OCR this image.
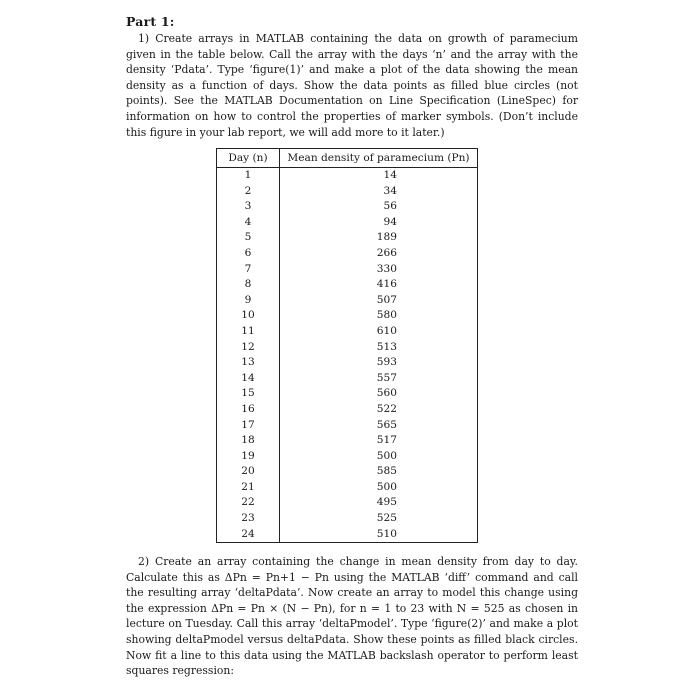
Part 1:
1) Create arrays in MATLAB containing the data on growth of paramecium given in the table below. Call the array with the days ‘n’ and the array with the density ‘Pdata’. Type ‘figure(1)’ and make a plot of the data showing the mean density as a function of days. Show the data points as filled blue circles (not points). See the MATLAB Documentation on Line Specification (LineSpec) for information on how to control the properties of marker symbols. (Don’t include this figure in your lab report, we will add more to it later.)
Day (n)	Mean density of paramecium (Pn)
1	14
2	34
3	56
4	94
5	189
6	266
7	330
8	416
9	507
10	580
11	610
12	513
13	593
14	557
15	560
16	522
17	565
18	517
19	500
20	585
21	500
22	495
23	525
24	510
2) Create an array containing the change in mean density from day to day. Calculate this as ΔPn = Pn+1 − Pn using the MATLAB ‘diff’ command and call the resulting array ‘deltaPdata’. Now create an array to model this change using the expression ΔPn = Pn × (N − Pn), for n = 1 to 23 with N = 525 as chosen in lecture on Tuesday. Call this array ‘deltaPmodel’. Type ‘figure(2)’ and make a plot showing deltaPmodel versus deltaPdata. Show these points as filled black circles. Now fit a line to this data using the MATLAB backslash operator to perform least squares regression:
